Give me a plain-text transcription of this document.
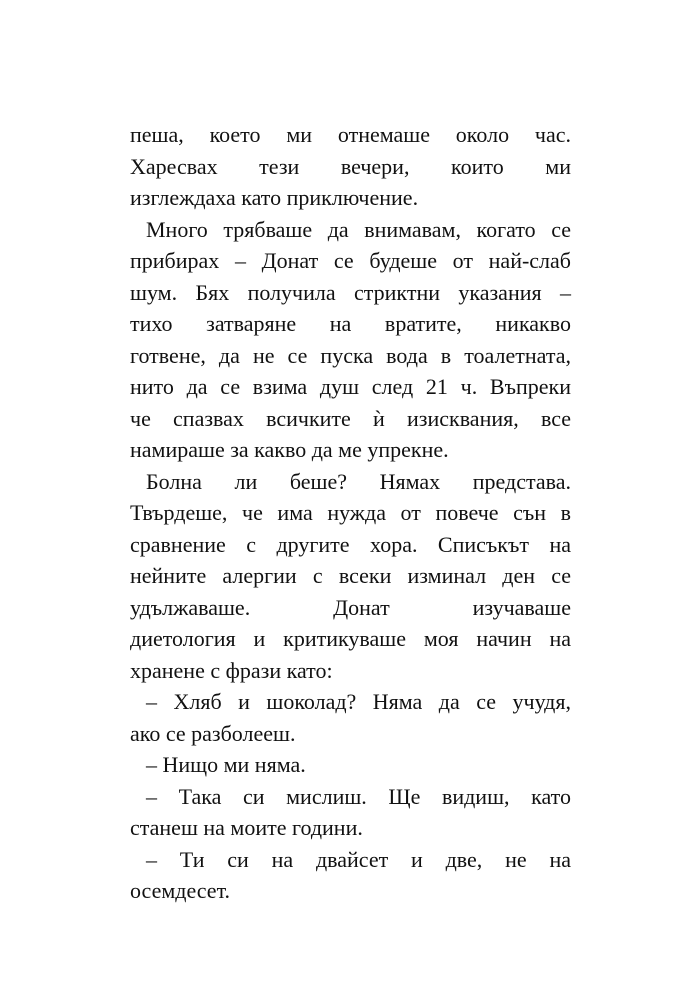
пеша, което ми отнемаше около час.
Харесвах тези вечери, които ми
изглеждаха като приключение.
Много трябваше да внимавам, когато се
прибирах – Донат се будеше от най-слаб
шум. Бях получила стриктни указания –
тихо затваряне на вратите, никакво
готвене, да не се пуска вода в тоалетната,
нито да се взима душ след 21 ч. Въпреки
че спазвах всичките ѝ изисквания, все
намираше за какво да ме упрекне.
Болна ли беше? Нямах представа.
Твърдеше, че има нужда от повече сън в
сравнение с другите хора. Списъкът на
нейните алергии с всеки изминал ден се
удължаваше. Донат изучаваше
диетология и критикуваше моя начин на
хранене с фрази като:
– Хляб и шоколад? Няма да се учудя,
ако се разболееш.
– Нищо ми няма.
– Така си мислиш. Ще видиш, като
станеш на моите години.
– Ти си на двайсет и две, не на
осемдесет.
